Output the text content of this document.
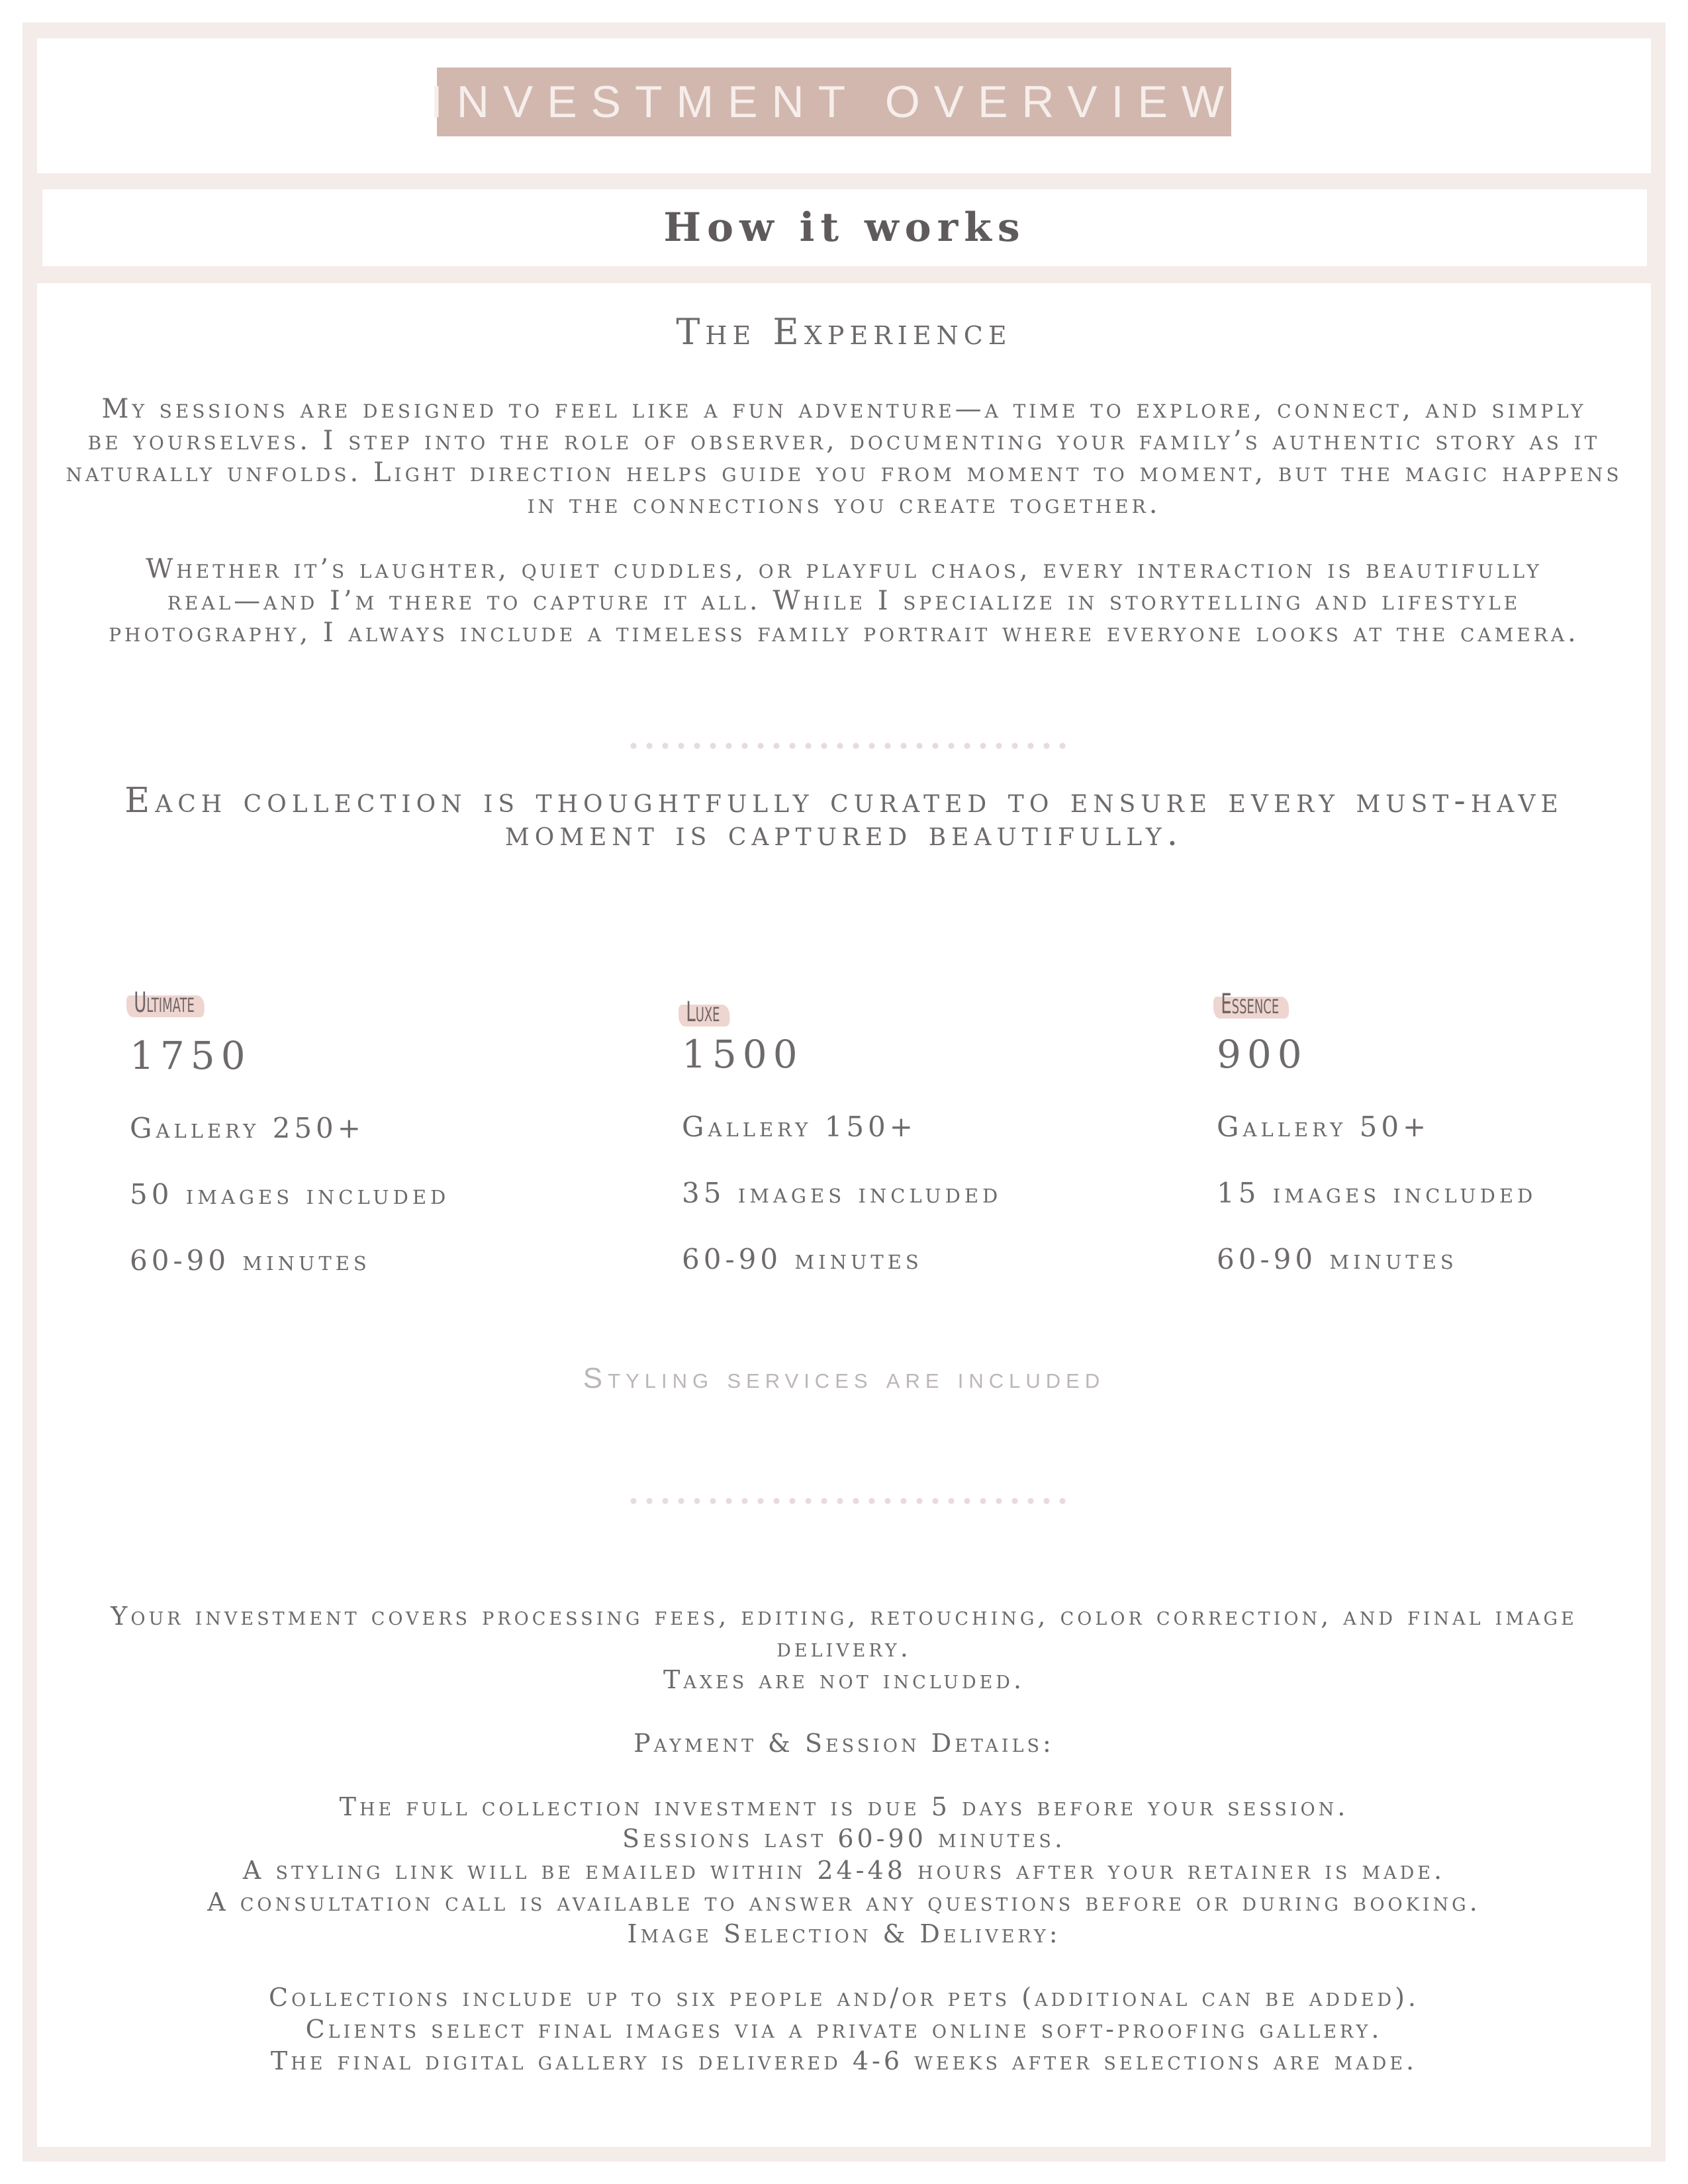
INVESTMENT OVERVIEW
How it works
The Experience
My sessions are designed to feel like a fun adventure—a time to explore, connect, and simply
be yourselves. I step into the role of observer, documenting your family’s authentic story as it
naturally unfolds. Light direction helps guide you from moment to moment, but the magic happens
in the connections you create together.
Whether it’s laughter, quiet cuddles, or playful chaos, every interaction is beautifully
real—and I’m there to capture it all. While I specialize in storytelling and lifestyle
photography, I always include a timeless family portrait where everyone looks at the camera.
Each collection is thoughtfully curated to ensure every must-have
moment is captured beautifully.
Ultimate
1750
Gallery 250+
50 images included
60-90 minutes
Luxe
1500
Gallery 150+
35 images included
60-90 minutes
Essence
900
Gallery 50+
15 images included
60-90 minutes
Styling services are included
Your investment covers processing fees, editing, retouching, color correction, and final image delivery.
Taxes are not included.
Payment & Session Details:
The full collection investment is due 5 days before your session.
Sessions last 60-90 minutes.
A styling link will be emailed within 24-48 hours after your retainer is made.
A consultation call is available to answer any questions before or during booking.
Image Selection & Delivery:
Collections include up to six people and/or pets (additional can be added).
Clients select final images via a private online soft-proofing gallery.
The final digital gallery is delivered 4-6 weeks after selections are made.
